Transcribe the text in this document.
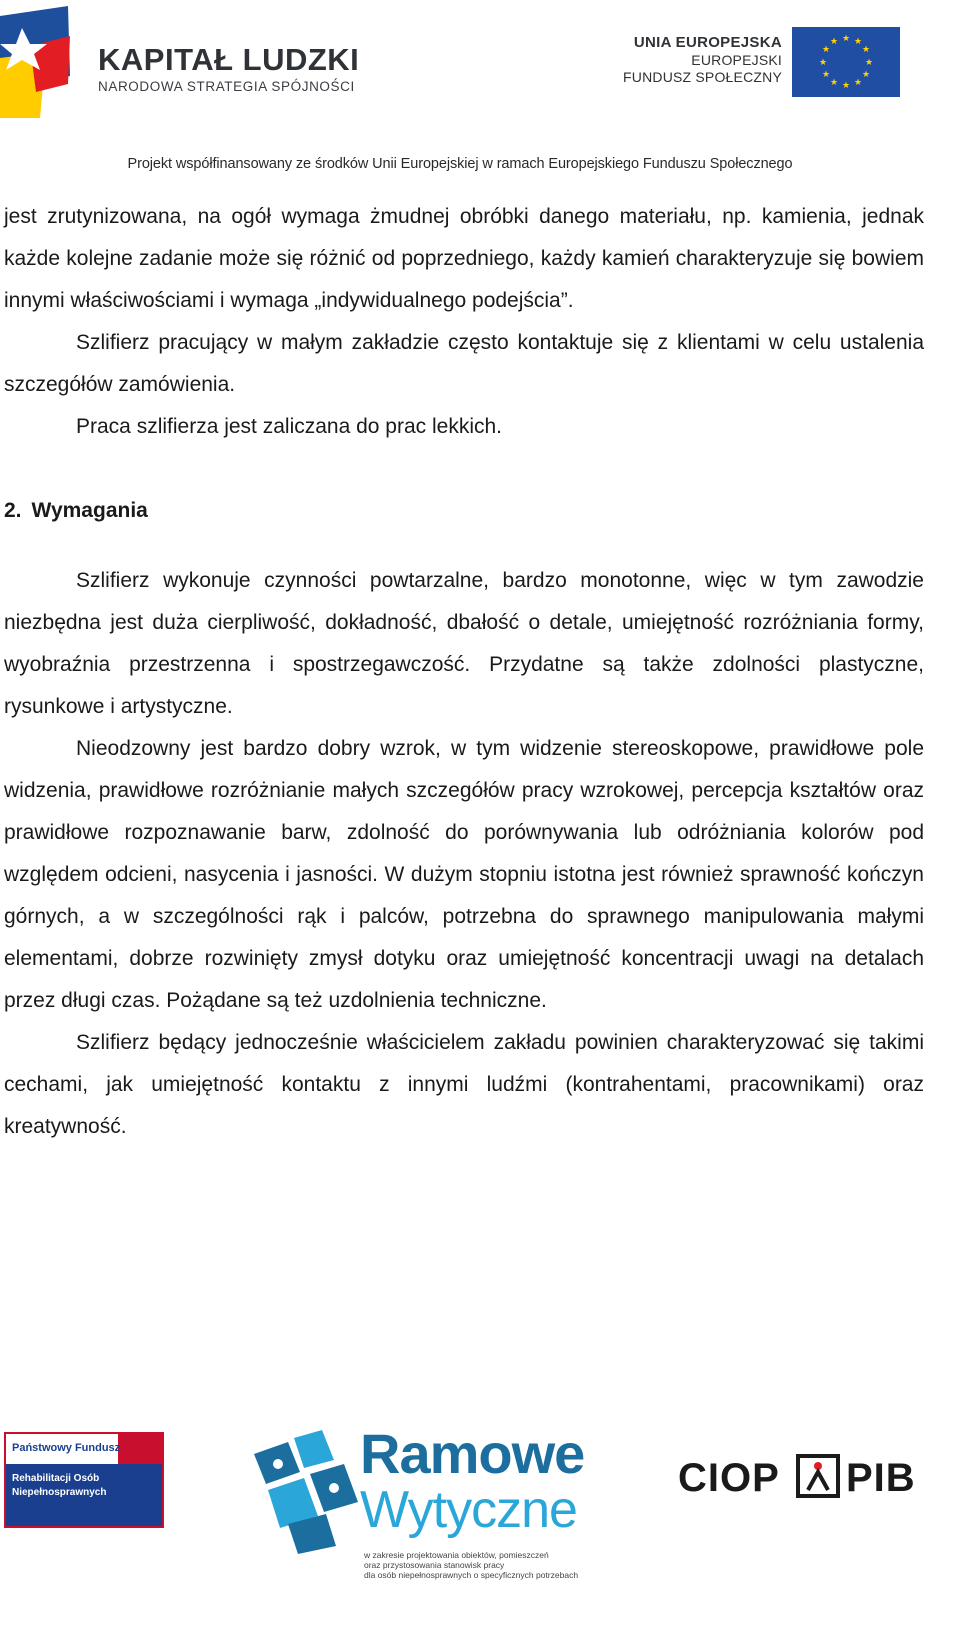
KAPITAŁ LUDZKI
NARODOWA STRATEGIA SPÓJNOŚCI
UNIA EUROPEJSKA
EUROPEJSKI
FUNDUSZ SPOŁECZNY
★ ★
★
★
★
★
★
★
★
★
★
★
Projekt współfinansowany ze środków Unii Europejskiej w ramach Europejskiego Funduszu Społecznego

jest zrutynizowana, na ogół wymaga żmudnej obróbki danego materiału, np. kamienia, jednak każde kolejne zadanie może się różnić od poprzedniego, każdy kamień charakteryzuje się bowiem innymi właściwościami i wymaga „indywidualnego podejścia”.

Szlifierz pracujący w małym zakładzie często kontaktuje się z klientami w celu ustalenia szczegółów zamówienia.

Praca szlifierza jest zaliczana do prac lekkich.

2. Wymagania

Szlifierz wykonuje czynności powtarzalne, bardzo monotonne, więc w tym zawodzie niezbędna jest duża cierpliwość, dokładność, dbałość o detale, umiejętność rozróżniania formy, wyobraźnia przestrzenna i spostrzegawczość. Przydatne są także zdolności plastyczne, rysunkowe i artystyczne.

Nieodzowny jest bardzo dobry wzrok, w tym widzenie stereoskopowe, prawidłowe pole widzenia, prawidłowe rozróżnianie małych szczegółów pracy wzrokowej, percepcja kształtów oraz prawidłowe rozpoznawanie barw, zdolność do porównywania lub odróżniania kolorów pod względem odcieni, nasycenia i jasności. W dużym stopniu istotna jest również sprawność kończyn górnych, a w szczególności rąk i palców, potrzebna do sprawnego manipulowania małymi elementami, dobrze rozwinięty zmysł dotyku oraz umiejętność koncentracji uwagi na detalach przez długi czas. Pożądane są też uzdolnienia techniczne.

Szlifierz będący jednocześnie właścicielem zakładu powinien charakteryzować się takimi cechami, jak umiejętność kontaktu z innymi ludźmi (kontrahentami, pracownikami) oraz kreatywność.

Państwowy Fundusz
Rehabilitacji Osób
Niepełnosprawnych
Ramowe
Wytyczne
w zakresie projektowania obiektów, pomieszczeń
oraz przystosowania stanowisk pracy
dla osób niepełnosprawnych o specyficznych potrzebach
CIOP PIB
